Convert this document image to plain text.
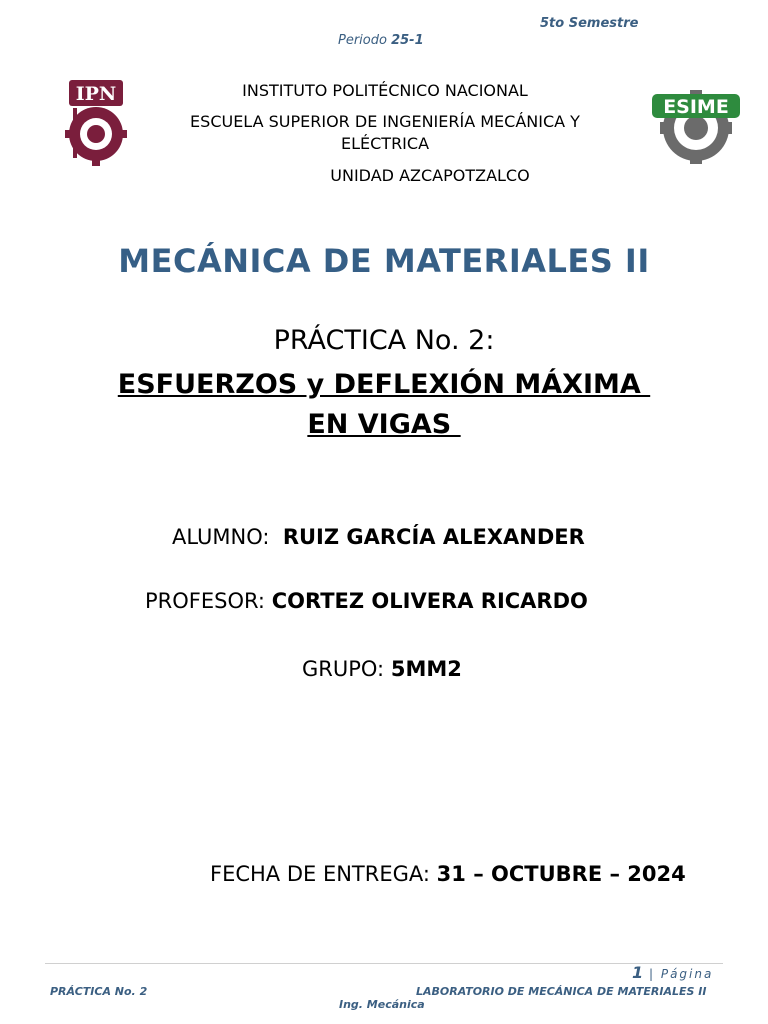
5to Semestre
Periodo 25-1
IPN
ESIME
INSTITUTO POLITÉCNICO NACIONAL
ESCUELA SUPERIOR DE INGENIERÍA MECÁNICA Y
ELÉCTRICA
UNIDAD AZCAPOTZALCO
MECÁNICA DE MATERIALES II
PRÁCTICA No. 2:
ESFUERZOS y DEFLEXIÓN MÁXIMA
EN VIGAS
ALUMNO: RUIZ GARCÍA ALEXANDER
PROFESOR: CORTEZ OLIVERA RICARDO
GRUPO: 5MM2
FECHA DE ENTREGA: 31 – OCTUBRE – 2024
1 | Página
PRÁCTICA No. 2	LABORATORIO DE MECÁNICA DE MATERIALES II
Ing. Mecánica
